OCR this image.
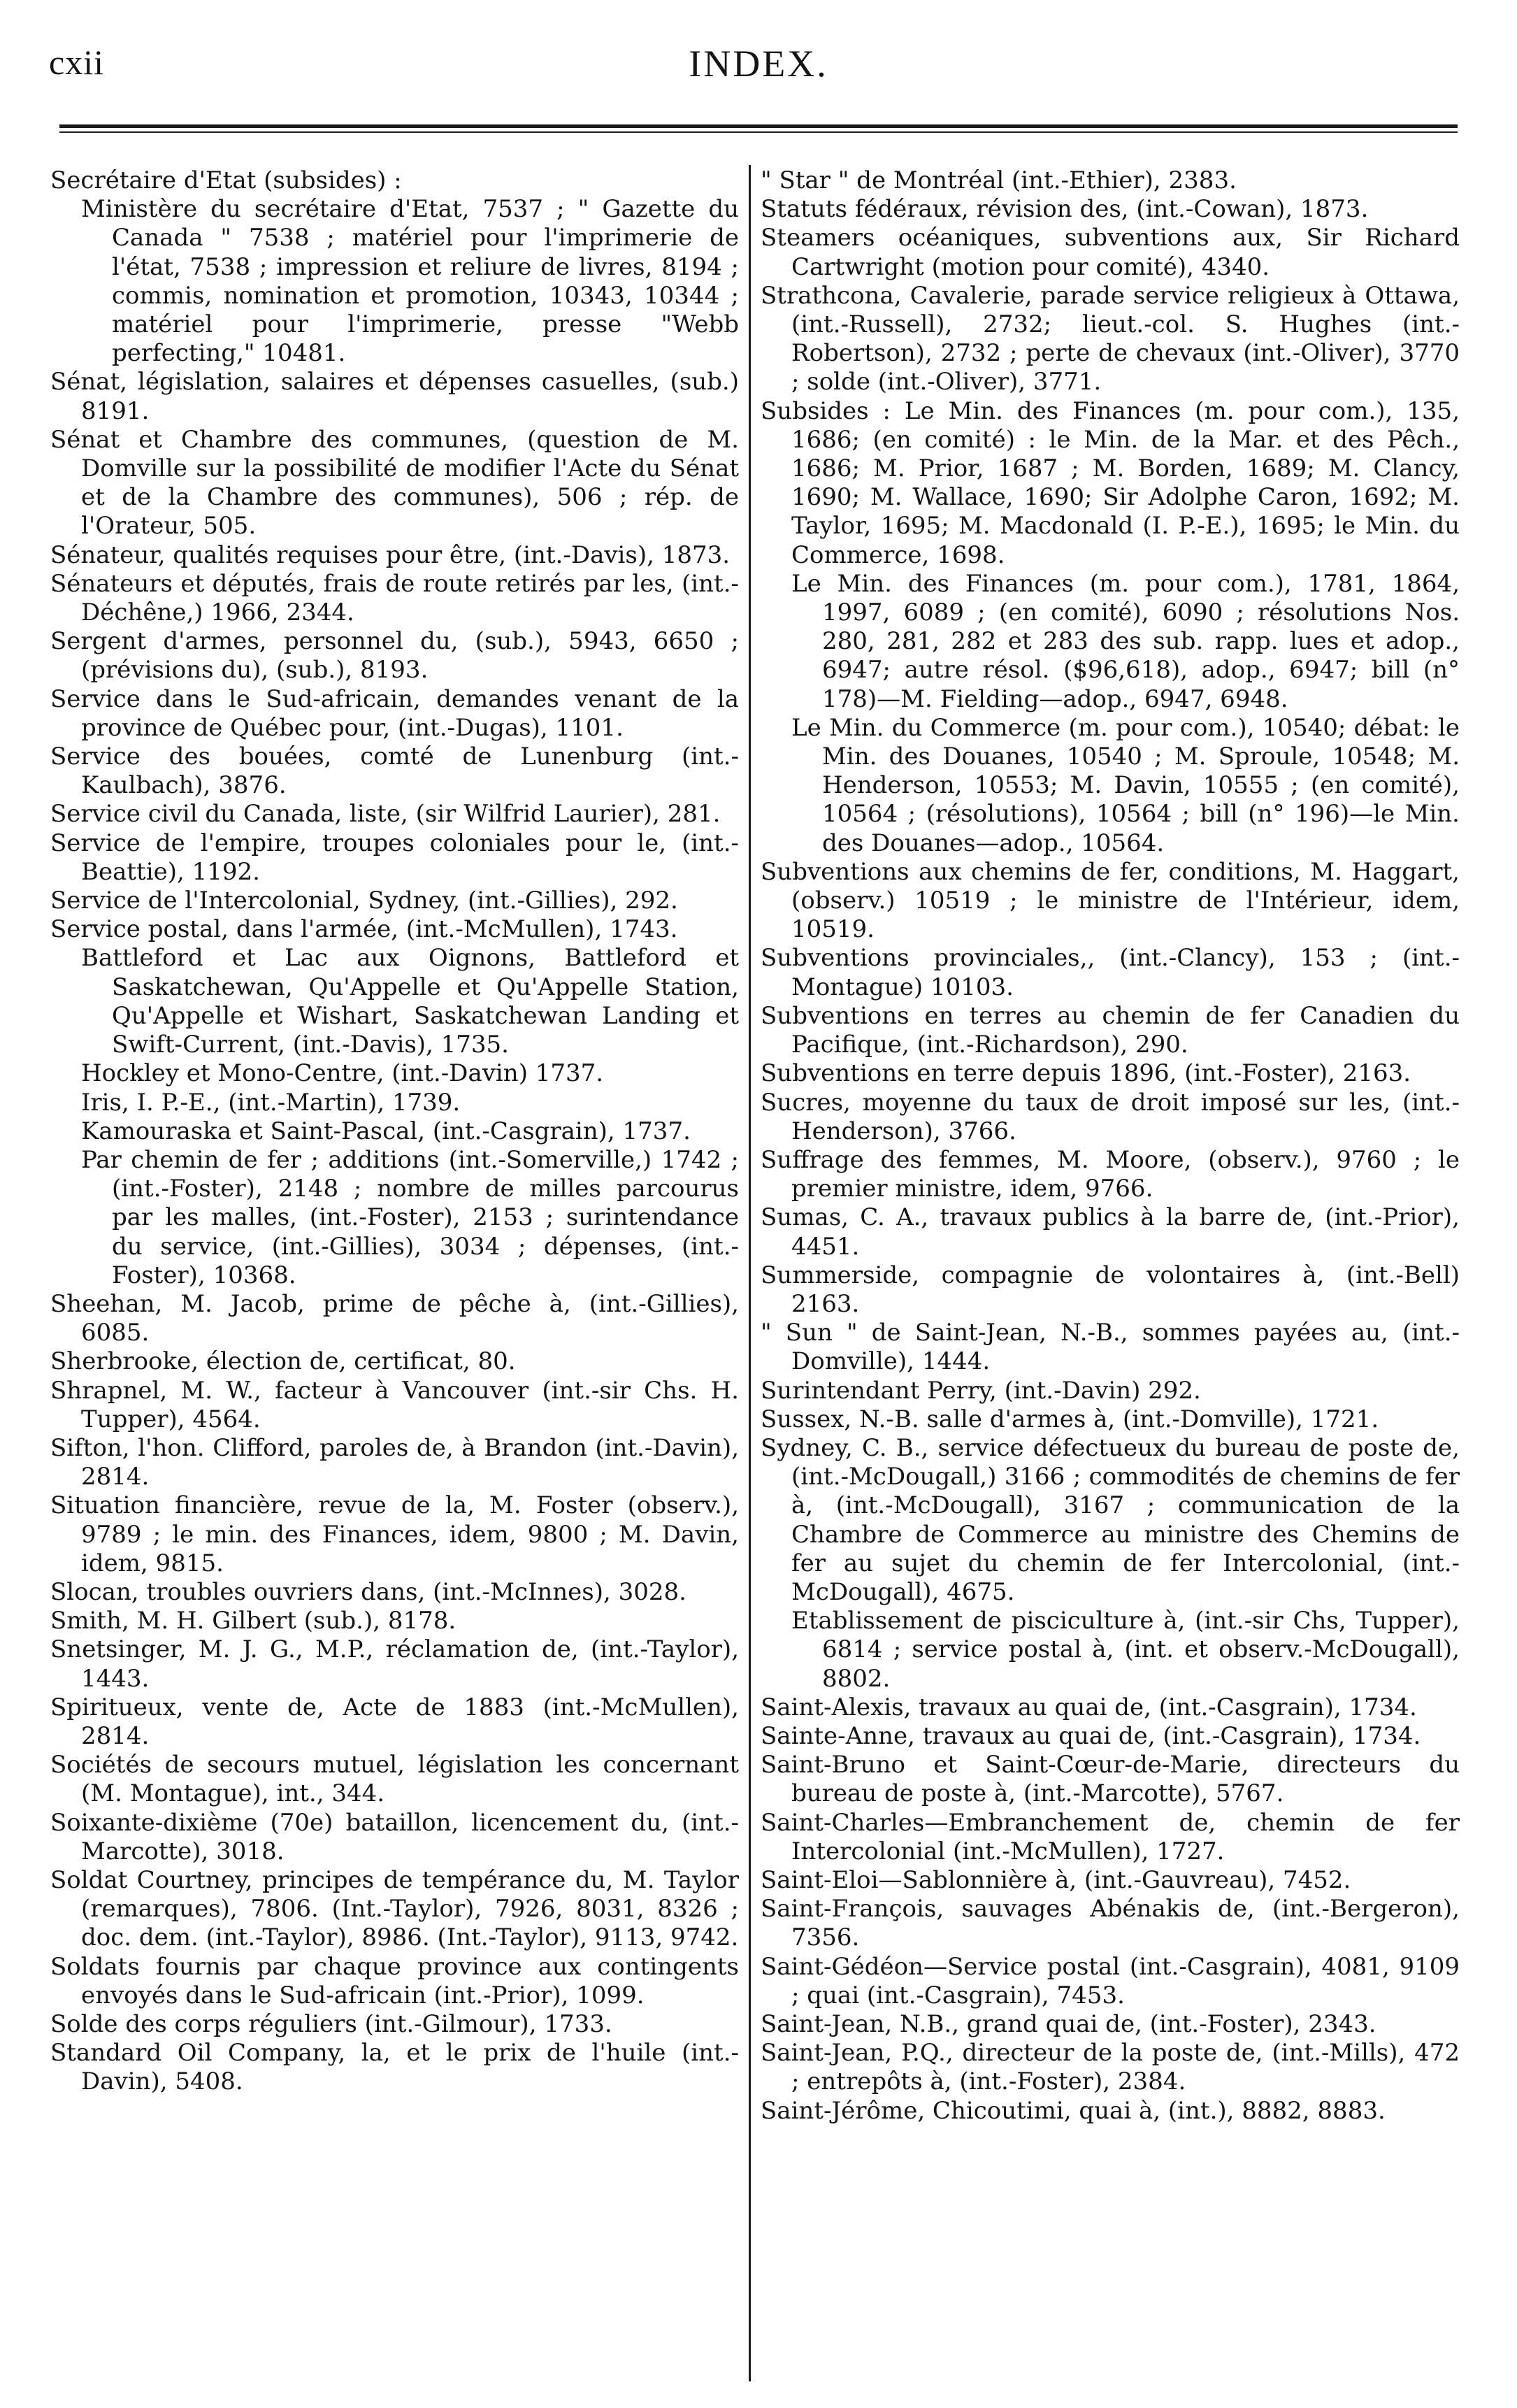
cxii	INDEX.

Secrétaire d'Etat (subsides) :

Ministère du secrétaire d'Etat, 7537 ; " Gazette du Canada " 7538 ; matériel pour l'imprimerie de l'état, 7538 ; impression et reliure de livres, 8194 ; commis, nomination et promotion, 10343, 10344 ; matériel pour l'imprimerie, presse "Webb perfecting," 10481.

Sénat, législation, salaires et dépenses casuelles, (sub.) 8191.

Sénat et Chambre des communes, (question de M. Domville sur la possibilité de modifier l'Acte du Sénat et de la Chambre des communes), 506 ; rép. de l'Orateur, 505.

Sénateur, qualités requises pour être, (int.-Davis), 1873.

Sénateurs et députés, frais de route retirés par les, (int.-Déchêne,) 1966, 2344.

Sergent d'armes, personnel du, (sub.), 5943, 6650 ; (prévisions du), (sub.), 8193.

Service dans le Sud-africain, demandes venant de la province de Québec pour, (int.-Dugas), 1101.

Service des bouées, comté de Lunenburg (int.-Kaulbach), 3876.

Service civil du Canada, liste, (sir Wilfrid Laurier), 281.

Service de l'empire, troupes coloniales pour le, (int.-Beattie), 1192.

Service de l'Intercolonial, Sydney, (int.-Gillies), 292.

Service postal, dans l'armée, (int.-McMullen), 1743.

Battleford et Lac aux Oignons, Battleford et Saskatchewan, Qu'Appelle et Qu'Appelle Station, Qu'Appelle et Wishart, Saskatchewan Landing et Swift-Current, (int.-Davis), 1735.

Hockley et Mono-Centre, (int.-Davin) 1737.

Iris, I. P.-E., (int.-Martin), 1739.

Kamouraska et Saint-Pascal, (int.-Casgrain), 1737.

Par chemin de fer ; additions (int.-Somerville,) 1742 ; (int.-Foster), 2148 ; nombre de milles parcourus par les malles, (int.-Foster), 2153 ; surintendance du service, (int.-Gillies), 3034 ; dépenses, (int.-Foster), 10368.

Sheehan, M. Jacob, prime de pêche à, (int.-Gillies), 6085.

Sherbrooke, élection de, certificat, 80.

Shrapnel, M. W., facteur à Vancouver (int.-sir Chs. H. Tupper), 4564.

Sifton, l'hon. Clifford, paroles de, à Brandon (int.-Davin), 2814.

Situation financière, revue de la, M. Foster (observ.), 9789 ; le min. des Finances, idem, 9800 ; M. Davin, idem, 9815.

Slocan, troubles ouvriers dans, (int.-McInnes), 3028.

Smith, M. H. Gilbert (sub.), 8178.

Snetsinger, M. J. G., M.P., réclamation de, (int.-Taylor), 1443.

Spiritueux, vente de, Acte de 1883 (int.-McMullen), 2814.

Sociétés de secours mutuel, législation les concernant (M. Montague), int., 344.

Soixante-dixième (70e) bataillon, licencement du, (int.-Marcotte), 3018.

Soldat Courtney, principes de tempérance du, M. Taylor (remarques), 7806. (Int.-Taylor), 7926, 8031, 8326 ; doc. dem. (int.-Taylor), 8986. (Int.-Taylor), 9113, 9742.

Soldats fournis par chaque province aux contingents envoyés dans le Sud-africain (int.-Prior), 1099.

Solde des corps réguliers (int.-Gilmour), 1733.

Standard Oil Company, la, et le prix de l'huile (int.-Davin), 5408.

" Star " de Montréal (int.-Ethier), 2383.

Statuts fédéraux, révision des, (int.-Cowan), 1873.

Steamers océaniques, subventions aux, Sir Richard Cartwright (motion pour comité), 4340.

Strathcona, Cavalerie, parade service religieux à Ottawa, (int.-Russell), 2732; lieut.-col. S. Hughes (int.-Robertson), 2732 ; perte de chevaux (int.-Oliver), 3770 ; solde (int.-Oliver), 3771.

Subsides : Le Min. des Finances (m. pour com.), 135, 1686; (en comité) : le Min. de la Mar. et des Pêch., 1686; M. Prior, 1687 ; M. Borden, 1689; M. Clancy, 1690; M. Wallace, 1690; Sir Adolphe Caron, 1692; M. Taylor, 1695; M. Macdonald (I. P.-E.), 1695; le Min. du Commerce, 1698.

Le Min. des Finances (m. pour com.), 1781, 1864, 1997, 6089 ; (en comité), 6090 ; résolutions Nos. 280, 281, 282 et 283 des sub. rapp. lues et adop., 6947; autre résol. ($96,618), adop., 6947; bill (n° 178)—M. Fielding—adop., 6947, 6948.

Le Min. du Commerce (m. pour com.), 10540; débat: le Min. des Douanes, 10540 ; M. Sproule, 10548; M. Henderson, 10553; M. Davin, 10555 ; (en comité), 10564 ; (résolutions), 10564 ; bill (n° 196)—le Min. des Douanes—adop., 10564.

Subventions aux chemins de fer, conditions, M. Haggart, (observ.) 10519 ; le ministre de l'Intérieur, idem, 10519.

Subventions provinciales,, (int.-Clancy), 153 ; (int.-Montague) 10103.

Subventions en terres au chemin de fer Canadien du Pacifique, (int.-Richardson), 290.

Subventions en terre depuis 1896, (int.-Foster), 2163.

Sucres, moyenne du taux de droit imposé sur les, (int.-Henderson), 3766.

Suffrage des femmes, M. Moore, (observ.), 9760 ; le premier ministre, idem, 9766.

Sumas, C. A., travaux publics à la barre de, (int.-Prior), 4451.

Summerside, compagnie de volontaires à, (int.-Bell) 2163.

" Sun " de Saint-Jean, N.-B., sommes payées au, (int.-Domville), 1444.

Surintendant Perry, (int.-Davin) 292.

Sussex, N.-B. salle d'armes à, (int.-Domville), 1721.

Sydney, C. B., service défectueux du bureau de poste de, (int.-McDougall,) 3166 ; commodités de chemins de fer à, (int.-McDougall), 3167 ; communication de la Chambre de Commerce au ministre des Chemins de fer au sujet du chemin de fer Intercolonial, (int.-McDougall), 4675.

Etablissement de pisciculture à, (int.-sir Chs, Tupper), 6814 ; service postal à, (int. et observ.-McDougall), 8802.

Saint-Alexis, travaux au quai de, (int.-Casgrain), 1734.

Sainte-Anne, travaux au quai de, (int.-Casgrain), 1734.

Saint-Bruno et Saint-Cœur-de-Marie, directeurs du bureau de poste à, (int.-Marcotte), 5767.

Saint-Charles—Embranchement de, chemin de fer Intercolonial (int.-McMullen), 1727.

Saint-Eloi—Sablonnière à, (int.-Gauvreau), 7452.

Saint-François, sauvages Abénakis de, (int.-Bergeron), 7356.

Saint-Gédéon—Service postal (int.-Casgrain), 4081, 9109 ; quai (int.-Casgrain), 7453.

Saint-Jean, N.B., grand quai de, (int.-Foster), 2343.

Saint-Jean, P.Q., directeur de la poste de, (int.-Mills), 472 ; entrepôts à, (int.-Foster), 2384.

Saint-Jérôme, Chicoutimi, quai à, (int.), 8882, 8883.
